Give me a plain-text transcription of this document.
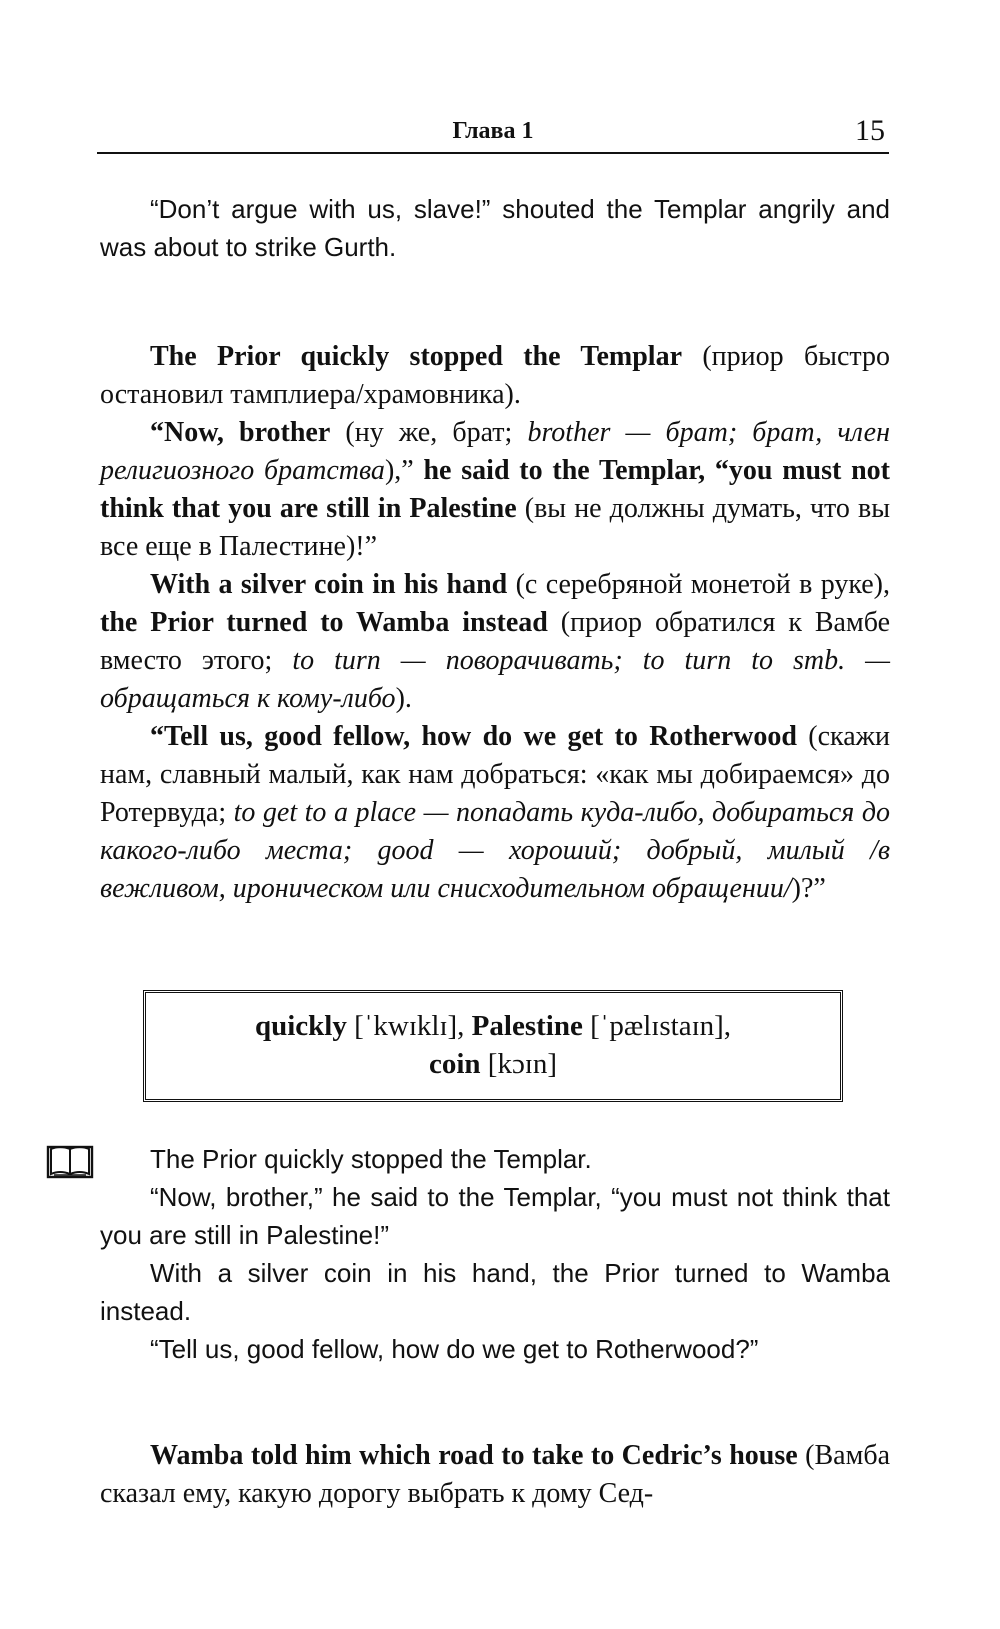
Глава 1	15

“Don’t argue with us, slave!” shouted the Templar angrily and was about to strike Gurth.

The Prior quickly stopped the Templar (приор быстро остановил тамплиера/храмовника).

“Now, brother (ну же, брат; brother — брат; брат, член религиозного братства),” he said to the Templar, “you must not think that you are still in Palestine (вы не должны думать, что вы все еще в Палестине)!”

With a silver coin in his hand (с серебряной монетой в руке), the Prior turned to Wamba instead (приор обратился к Вамбе вместо этого; to turn — поворачивать; to turn to smb. — обращаться к кому-либо).

“Tell us, good fellow, how do we get to Rotherwood (скажи нам, славный малый, как нам добраться: «как мы добираемся» до Ротервуда; to get to a place — попадать куда-либо, добираться до какого-либо места; good — хороший; добрый, милый /в вежливом, ироническом или снисходительном обращении/)?”

quickly [ˈkwɪklɪ], Palestine [ˈpælɪstaɪn],
coin [kɔɪn]

The Prior quickly stopped the Templar.

“Now, brother,” he said to the Templar, “you must not think that you are still in Palestine!”

With a silver coin in his hand, the Prior turned to Wamba instead.

“Tell us, good fellow, how do we get to Rotherwood?”

Wamba told him which road to take to Cedric’s house (Вамба сказал ему, какую дорогу выбрать к дому Сед-
